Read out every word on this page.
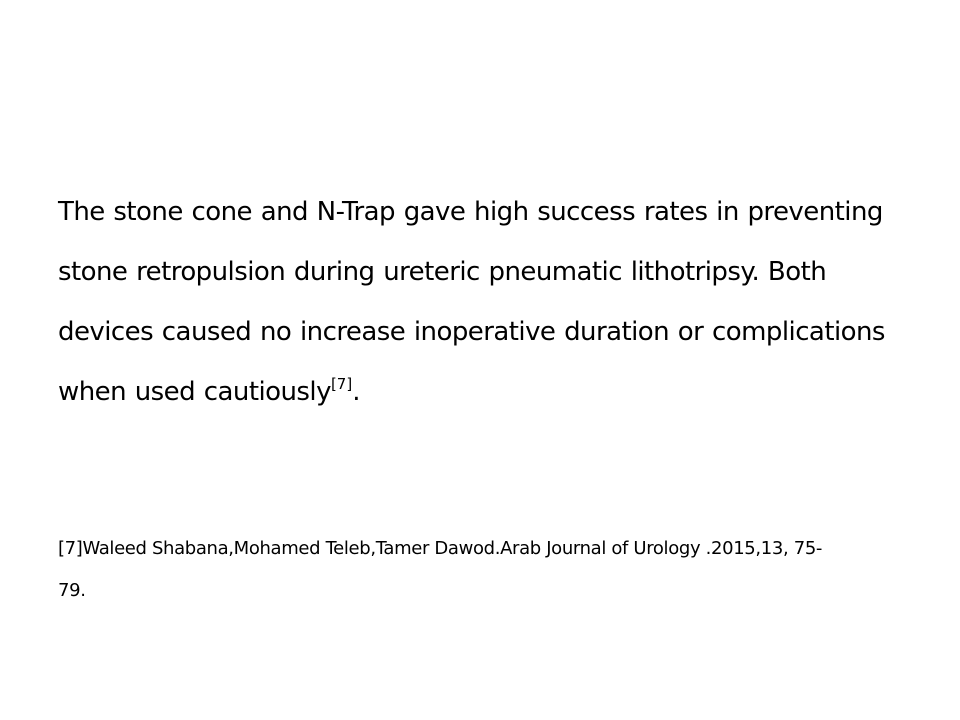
The stone cone and N-Trap gave high success rates in preventing
stone retropulsion during ureteric pneumatic lithotripsy. Both
devices caused no increase inoperative duration or complications
when used cautiously[7].
[7]Waleed Shabana,Mohamed Teleb,Tamer Dawod.Arab Journal of Urology .2015,13, 75-
79.
